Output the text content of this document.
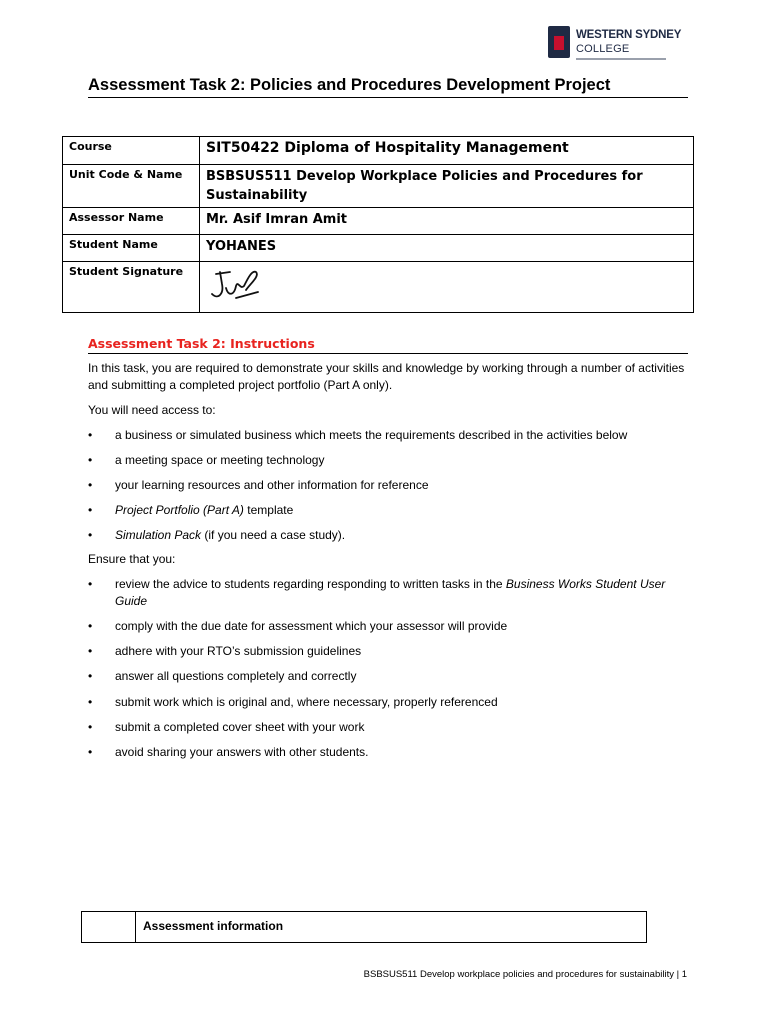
WESTERN SYDNEY
COLLEGE
Assessment Task 2: Policies and Procedures Development Project
Course	SIT50422 Diploma of Hospitality Management
Unit Code & Name	BSBSUS511 Develop Workplace Policies and Procedures for Sustainability
Assessor Name	Mr. Asif Imran Amit
Student Name	YOHANES
Student Signature	
Assessment Task 2: Instructions
In this task, you are required to demonstrate your skills and knowledge by working through a number of activities and submitting a completed project portfolio (Part A only).
You will need access to:
•	a business or simulated business which meets the requirements described in the activities below
•	a meeting space or meeting technology
•	your learning resources and other information for reference
•	Project Portfolio (Part A) template
•	Simulation Pack (if you need a case study).
Ensure that you:
•	review the advice to students regarding responding to written tasks in the Business Works Student User Guide
•	comply with the due date for assessment which your assessor will provide
•	adhere with your RTO’s submission guidelines
•	answer all questions completely and correctly
•	submit work which is original and, where necessary, properly referenced
•	submit a completed cover sheet with your work
•	avoid sharing your answers with other students.
Assessment information
BSBSUS511 Develop workplace policies and procedures for sustainability | 1
